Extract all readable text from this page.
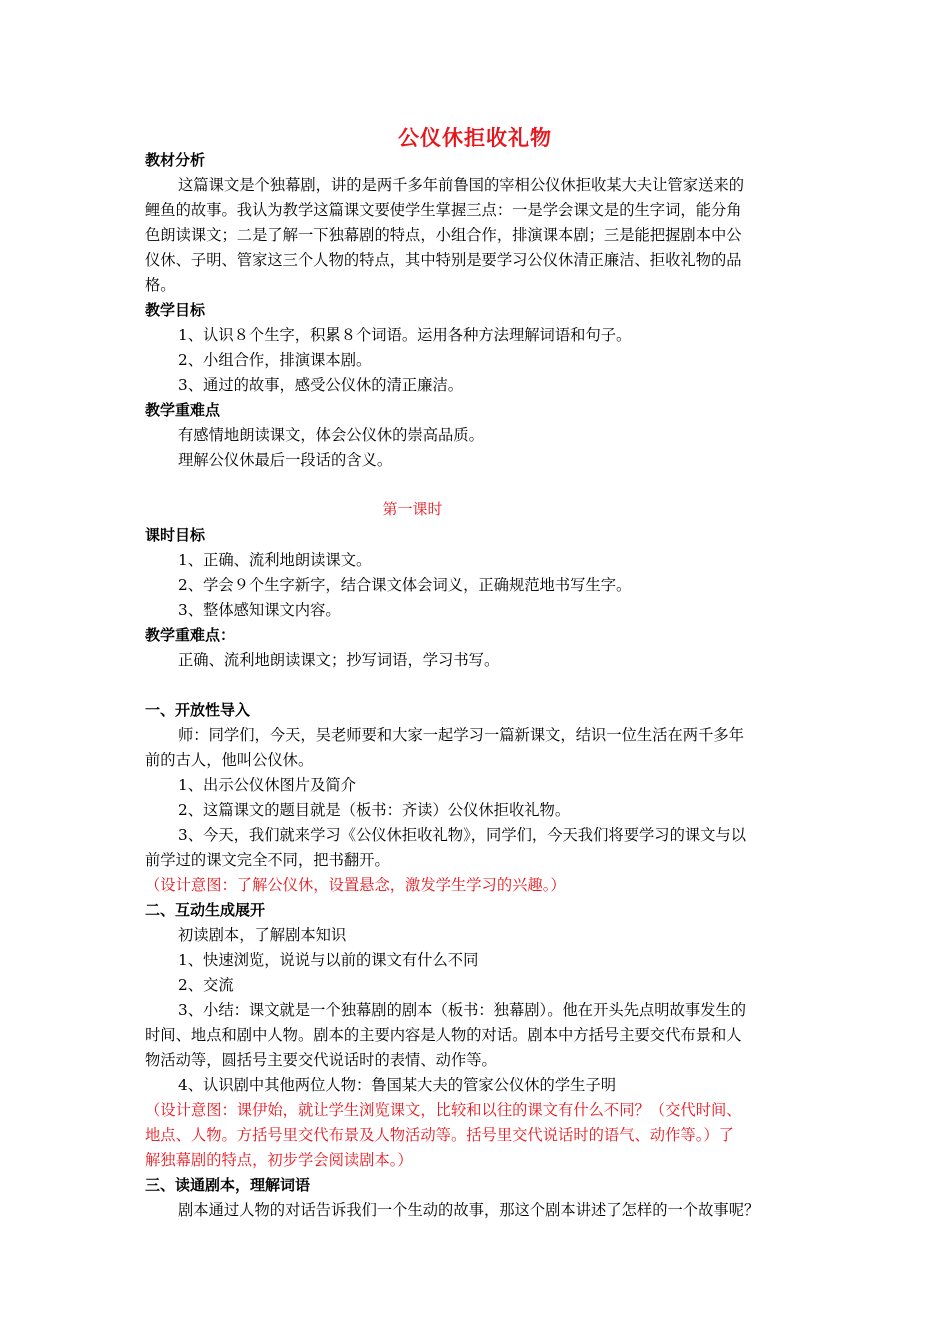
公仪休拒收礼物
教材分析
这篇课文是个独幕剧，讲的是两千多年前鲁国的宰相公仪休拒收某大夫让管家送来的
鲤鱼的故事。我认为教学这篇课文要使学生掌握三点：一是学会课文是的生字词，能分角
色朗读课文；二是了解一下独幕剧的特点，小组合作，排演课本剧；三是能把握剧本中公
仪休、子明、管家这三个人物的特点，其中特别是要学习公仪休清正廉洁、拒收礼物的品
格。
教学目标
1、认识８个生字，积累８个词语。运用各种方法理解词语和句子。
2、小组合作，排演课本剧。
3、通过的故事，感受公仪休的清正廉洁。
教学重难点
有感情地朗读课文，体会公仪休的崇高品质。
理解公仪休最后一段话的含义。
第一课时
课时目标
1、正确、流利地朗读课文。
2、学会９个生字新字，结合课文体会词义，正确规范地书写生字。
3、整体感知课文内容。
教学重难点：
正确、流利地朗读课文；抄写词语，学习书写。
一、开放性导入
师：同学们，今天，吴老师要和大家一起学习一篇新课文，结识一位生活在两千多年
前的古人，他叫公仪休。
1、出示公仪休图片及简介
2、这篇课文的题目就是（板书：齐读）公仪休拒收礼物。
3、今天，我们就来学习《公仪休拒收礼物》，同学们，今天我们将要学习的课文与以
前学过的课文完全不同，把书翻开。
（设计意图：了解公仪休，设置悬念，激发学生学习的兴趣。）
二、互动生成展开
初读剧本，了解剧本知识
1、快速浏览，说说与以前的课文有什么不同
2、交流
3、小结：课文就是一个独幕剧的剧本（板书：独幕剧）。他在开头先点明故事发生的
时间、地点和剧中人物。剧本的主要内容是人物的对话。剧本中方括号主要交代布景和人
物活动等，圆括号主要交代说话时的表情、动作等。
4、认识剧中其他两位人物：鲁国某大夫的管家公仪休的学生子明
（设计意图：课伊始，就让学生浏览课文，比较和以往的课文有什么不同？（交代时间、
地点、人物。方括号里交代布景及人物活动等。括号里交代说话时的语气、动作等。）了
解独幕剧的特点，初步学会阅读剧本。）
三、读通剧本，理解词语
剧本通过人物的对话告诉我们一个生动的故事，那这个剧本讲述了怎样的一个故事呢？
